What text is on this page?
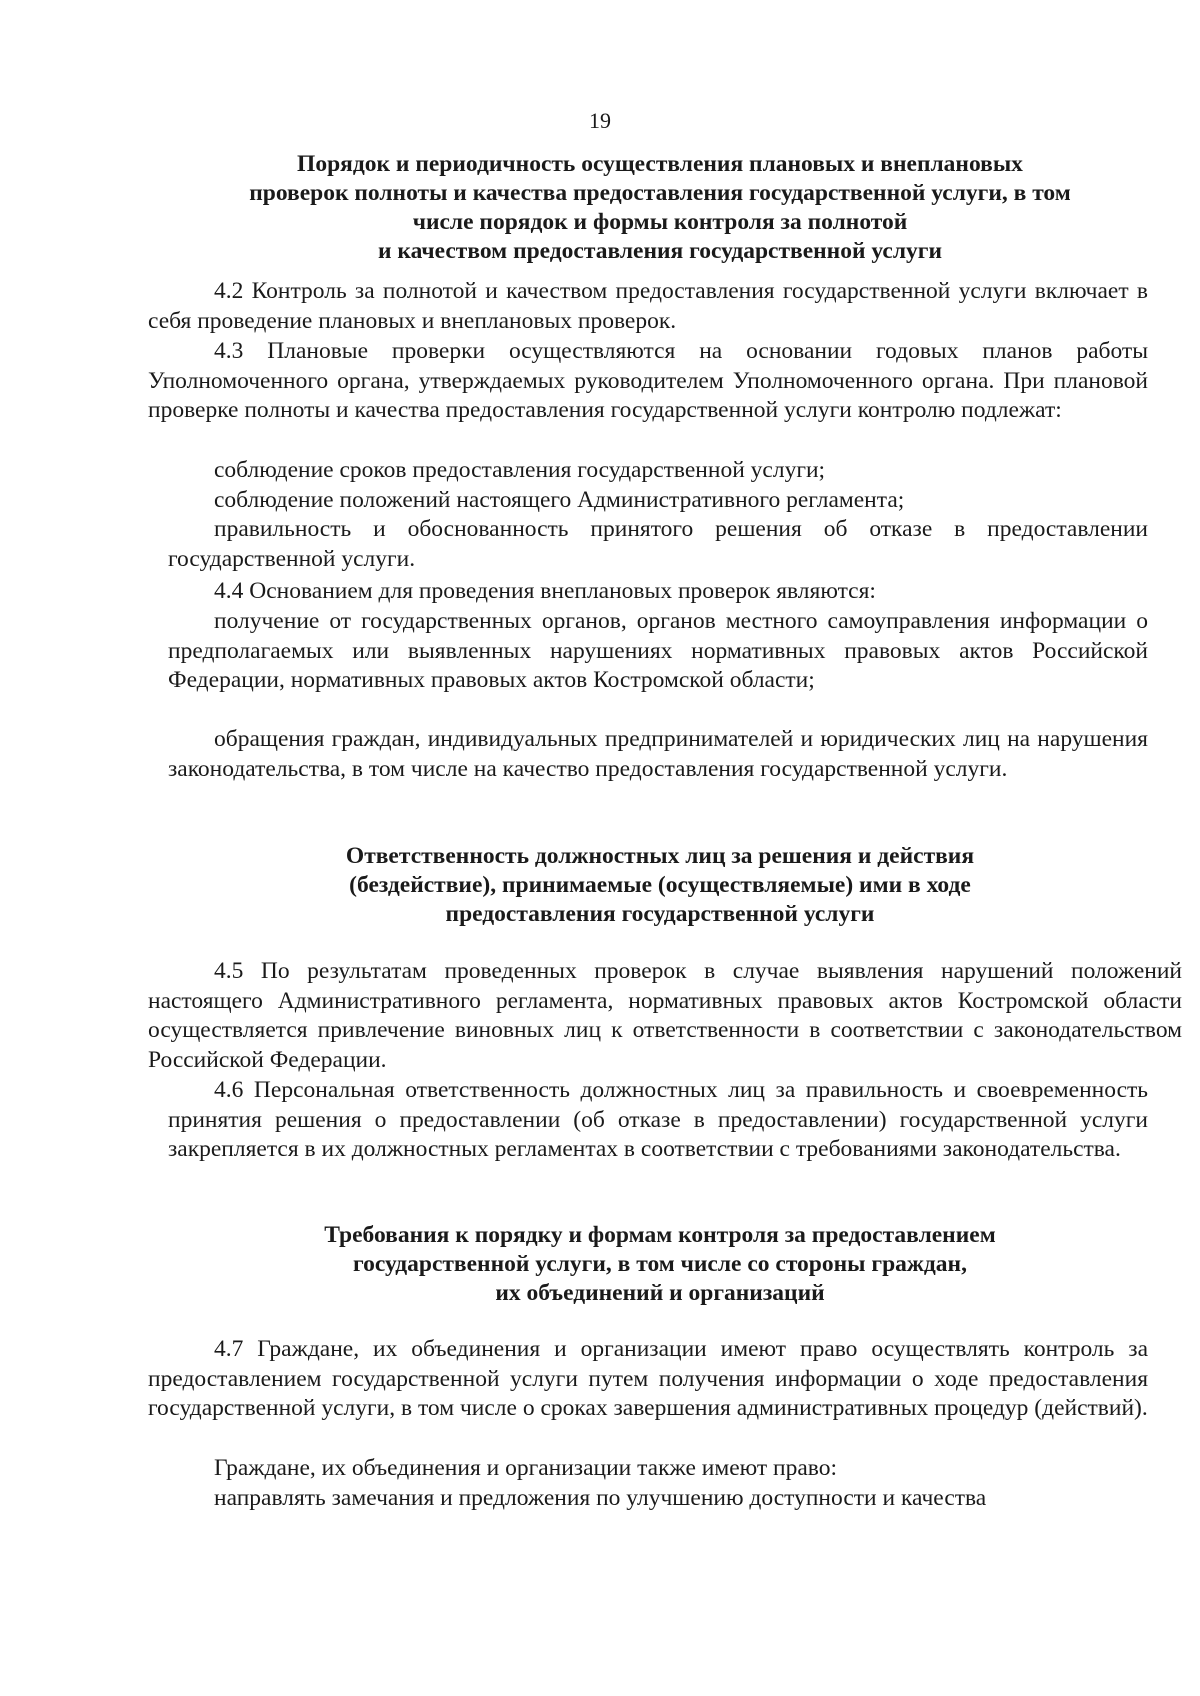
19
Порядок и периодичность осуществления плановых и внеплановых
проверок полноты и качества предоставления государственной услуги, в том
числе порядок и формы контроля за полнотой
и качеством предоставления государственной услуги

4.2 Контроль за полнотой и качеством предоставления государственной услуги включает в себя проведение плановых и внеплановых проверок.

4.3 Плановые проверки осуществляются на основании годовых планов работы Уполномоченного органа, утверждаемых руководителем Уполномоченного органа. При плановой проверке полноты и качества предоставления государственной услуги контролю подлежат:

соблюдение сроков предоставления государственной услуги;

соблюдение положений настоящего Административного регламента;

правильность и обоснованность принятого решения об отказе в предоставлении государственной услуги.

4.4 Основанием для проведения внеплановых проверок являются:

получение от государственных органов, органов местного самоуправления информации о предполагаемых или выявленных нарушениях нормативных правовых актов Российской Федерации, нормативных правовых актов Костромской области;

обращения граждан, индивидуальных предпринимателей и юридических лиц на нарушения законодательства, в том числе на качество предоставления государственной услуги.

Ответственность должностных лиц за решения и действия
(бездействие), принимаемые (осуществляемые) ими в ходе
предоставления государственной услуги

4.5 По результатам проведенных проверок в случае выявления нарушений положений настоящего Административного регламента, нормативных правовых актов Костромской области осуществляется привлечение виновных лиц к ответственности в соответствии с законодательством Российской Федерации.

4.6 Персональная ответственность должностных лиц за правильность и своевременность принятия решения о предоставлении (об отказе в предоставлении) государственной услуги закрепляется в их должностных регламентах в соответствии с требованиями законодательства.

Требования к порядку и формам контроля за предоставлением
государственной услуги, в том числе со стороны граждан,
их объединений и организаций

4.7 Граждане, их объединения и организации имеют право осуществлять контроль за предоставлением государственной услуги путем получения информации о ходе предоставления государственной услуги, в том числе о сроках завершения административных процедур (действий).

Граждане, их объединения и организации также имеют право:

направлять замечания и предложения по улучшению доступности и качества
